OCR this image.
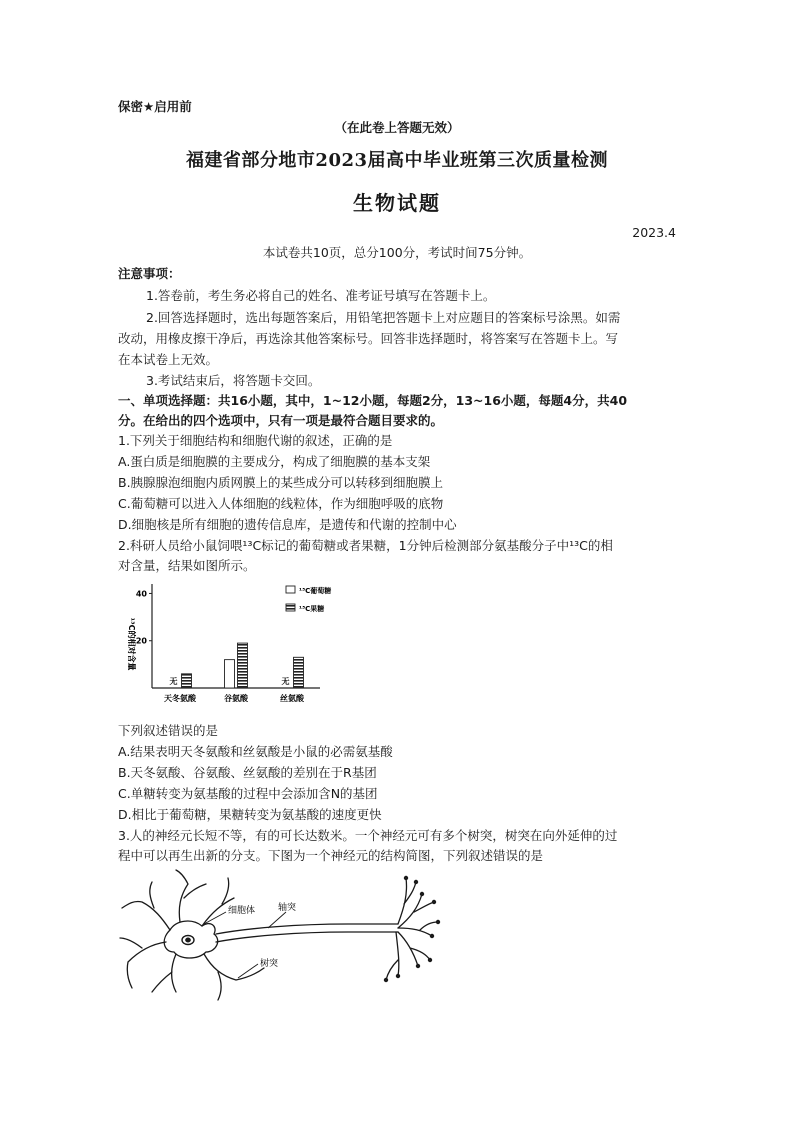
保密★启用前
（在此卷上答题无效）
福建省部分地市2023届高中毕业班第三次质量检测
生物试题
2023.4
本试卷共10页，总分100分，考试时间75分钟。
注意事项：
1.答卷前，考生务必将自己的姓名、准考证号填写在答题卡上。
2.回答选择题时，选出每题答案后，用铅笔把答题卡上对应题目的答案标号涂黑。如需
改动，用橡皮擦干净后，再选涂其他答案标号。回答非选择题时，将答案写在答题卡上。写
在本试卷上无效。
3.考试结束后，将答题卡交回。
一、单项选择题：共16小题，其中，1~12小题，每题2分，13~16小题，每题4分，共40
分。在给出的四个选项中，只有一项是最符合题目要求的。
1.下列关于细胞结构和细胞代谢的叙述，正确的是
A.蛋白质是细胞膜的主要成分，构成了细胞膜的基本支架
B.胰腺腺泡细胞内质网膜上的某些成分可以转移到细胞膜上
C.葡萄糖可以进入人体细胞的线粒体，作为细胞呼吸的底物
D.细胞核是所有细胞的遗传信息库，是遗传和代谢的控制中心
2.科研人员给小鼠饲喂¹³C标记的葡萄糖或者果糖，1分钟后检测部分氨基酸分子中¹³C的相
对含量，结果如图所示。
¹³C的相对含量
40
20
无
天冬氨酸	谷氨酸
无
丝氨酸
¹³C葡萄糖
¹³C果糖
下列叙述错误的是
A.结果表明天冬氨酸和丝氨酸是小鼠的必需氨基酸
B.天冬氨酸、谷氨酸、丝氨酸的差别在于R基团
C.单糖转变为氨基酸的过程中会添加含N的基团
D.相比于葡萄糖，果糖转变为氨基酸的速度更快
3.人的神经元长短不等，有的可长达数米。一个神经元可有多个树突，树突在向外延伸的过
程中可以再生出新的分支。下图为一个神经元的结构简图，下列叙述错误的是
细胞体	轴突
树突
